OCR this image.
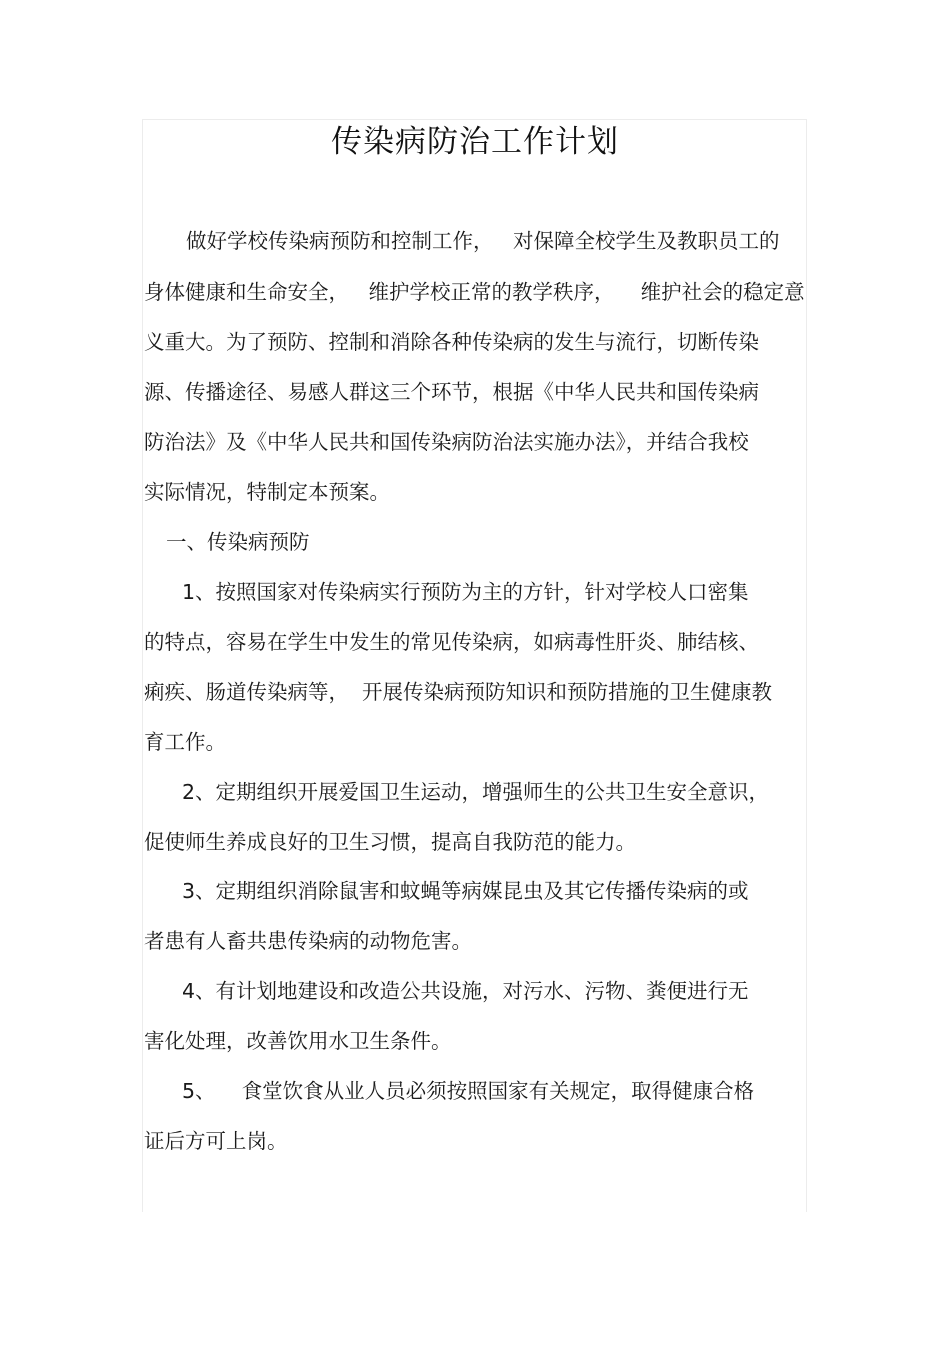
传染病防治工作计划
做好学校传染病预防和控制工作，   对保障全校学生及教职员工的
身体健康和生命安全，   维护学校正常的教学秩序，    维护社会的稳定意
义重大。为了预防、控制和消除各种传染病的发生与流行，切断传染
源、传播途径、易感人群这三个环节，根据《中华人民共和国传染病
防治法》及《中华人民共和国传染病防治法实施办法》，并结合我校
实际情况，特制定本预案。
一、传染病预防
1、按照国家对传染病实行预防为主的方针，针对学校人口密集
的特点，容易在学生中发生的常见传染病，如病毒性肝炎、肺结核、
痢疾、肠道传染病等，  开展传染病预防知识和预防措施的卫生健康教
育工作。
2、定期组织开展爱国卫生运动，增强师生的公共卫生安全意识，
促使师生养成良好的卫生习惯，提高自我防范的能力。
3、定期组织消除鼠害和蚊蝇等病媒昆虫及其它传播传染病的或
者患有人畜共患传染病的动物危害。
4、有计划地建设和改造公共设施，对污水、污物、粪便进行无
害化处理，改善饮用水卫生条件。
5、    食堂饮食从业人员必须按照国家有关规定，取得健康合格
证后方可上岗。
